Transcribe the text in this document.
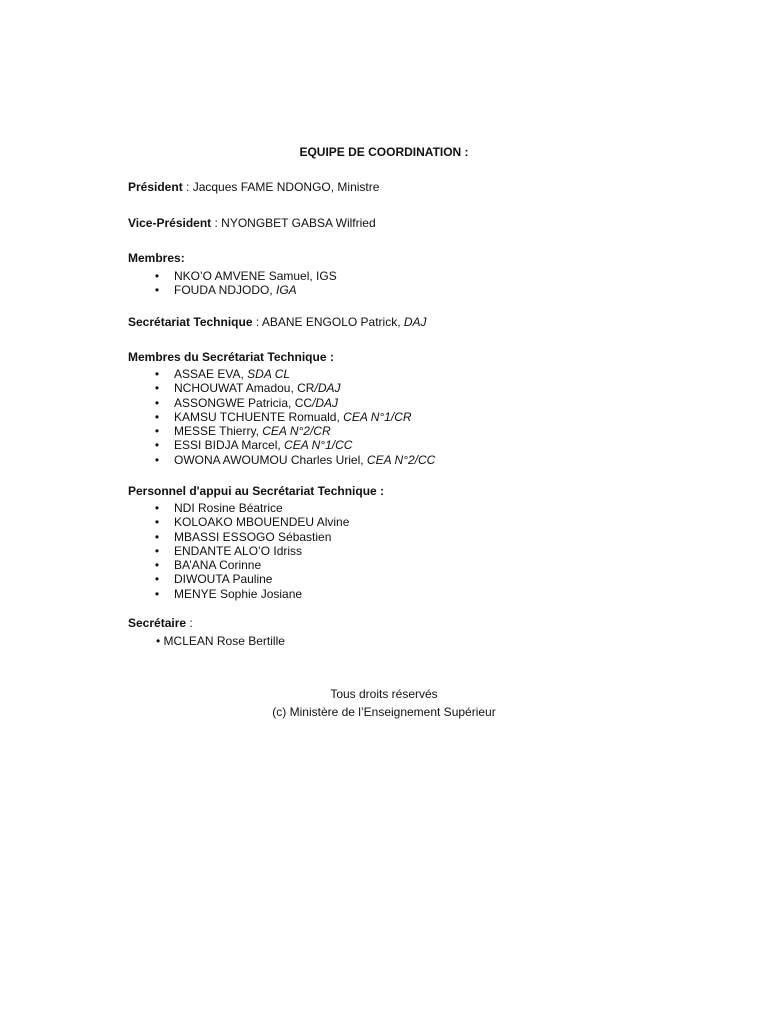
EQUIPE DE COORDINATION :
Président : Jacques FAME NDONGO, Ministre
Vice-Président : NYONGBET GABSA Wilfried
Membres:
• NKO’O AMVENE Samuel, IGS
• FOUDA NDJODO, IGA
Secrétariat Technique : ABANE ENGOLO Patrick, DAJ
Membres du Secrétariat Technique :
• ASSAE EVA, SDA CL
• NCHOUWAT Amadou, CR/DAJ
• ASSONGWE Patricia, CC/DAJ
• KAMSU TCHUENTE Romuald, CEA N°1/CR
• MESSE Thierry, CEA N°2/CR
• ESSI BIDJA Marcel, CEA N°1/CC
• OWONA AWOUMOU Charles Uriel, CEA N°2/CC
Personnel d'appui au Secrétariat Technique :
• NDI Rosine Béatrice
• KOLOAKO MBOUENDEU Alvine
• MBASSI ESSOGO Sébastien
• ENDANTE ALO’O Idriss
• BA’ANA Corinne
• DIWOUTA Pauline
• MENYE Sophie Josiane
Secrétaire :
• MCLEAN Rose Bertille
Tous droits réservés
(c) Ministère de l’Enseignement Supérieur
